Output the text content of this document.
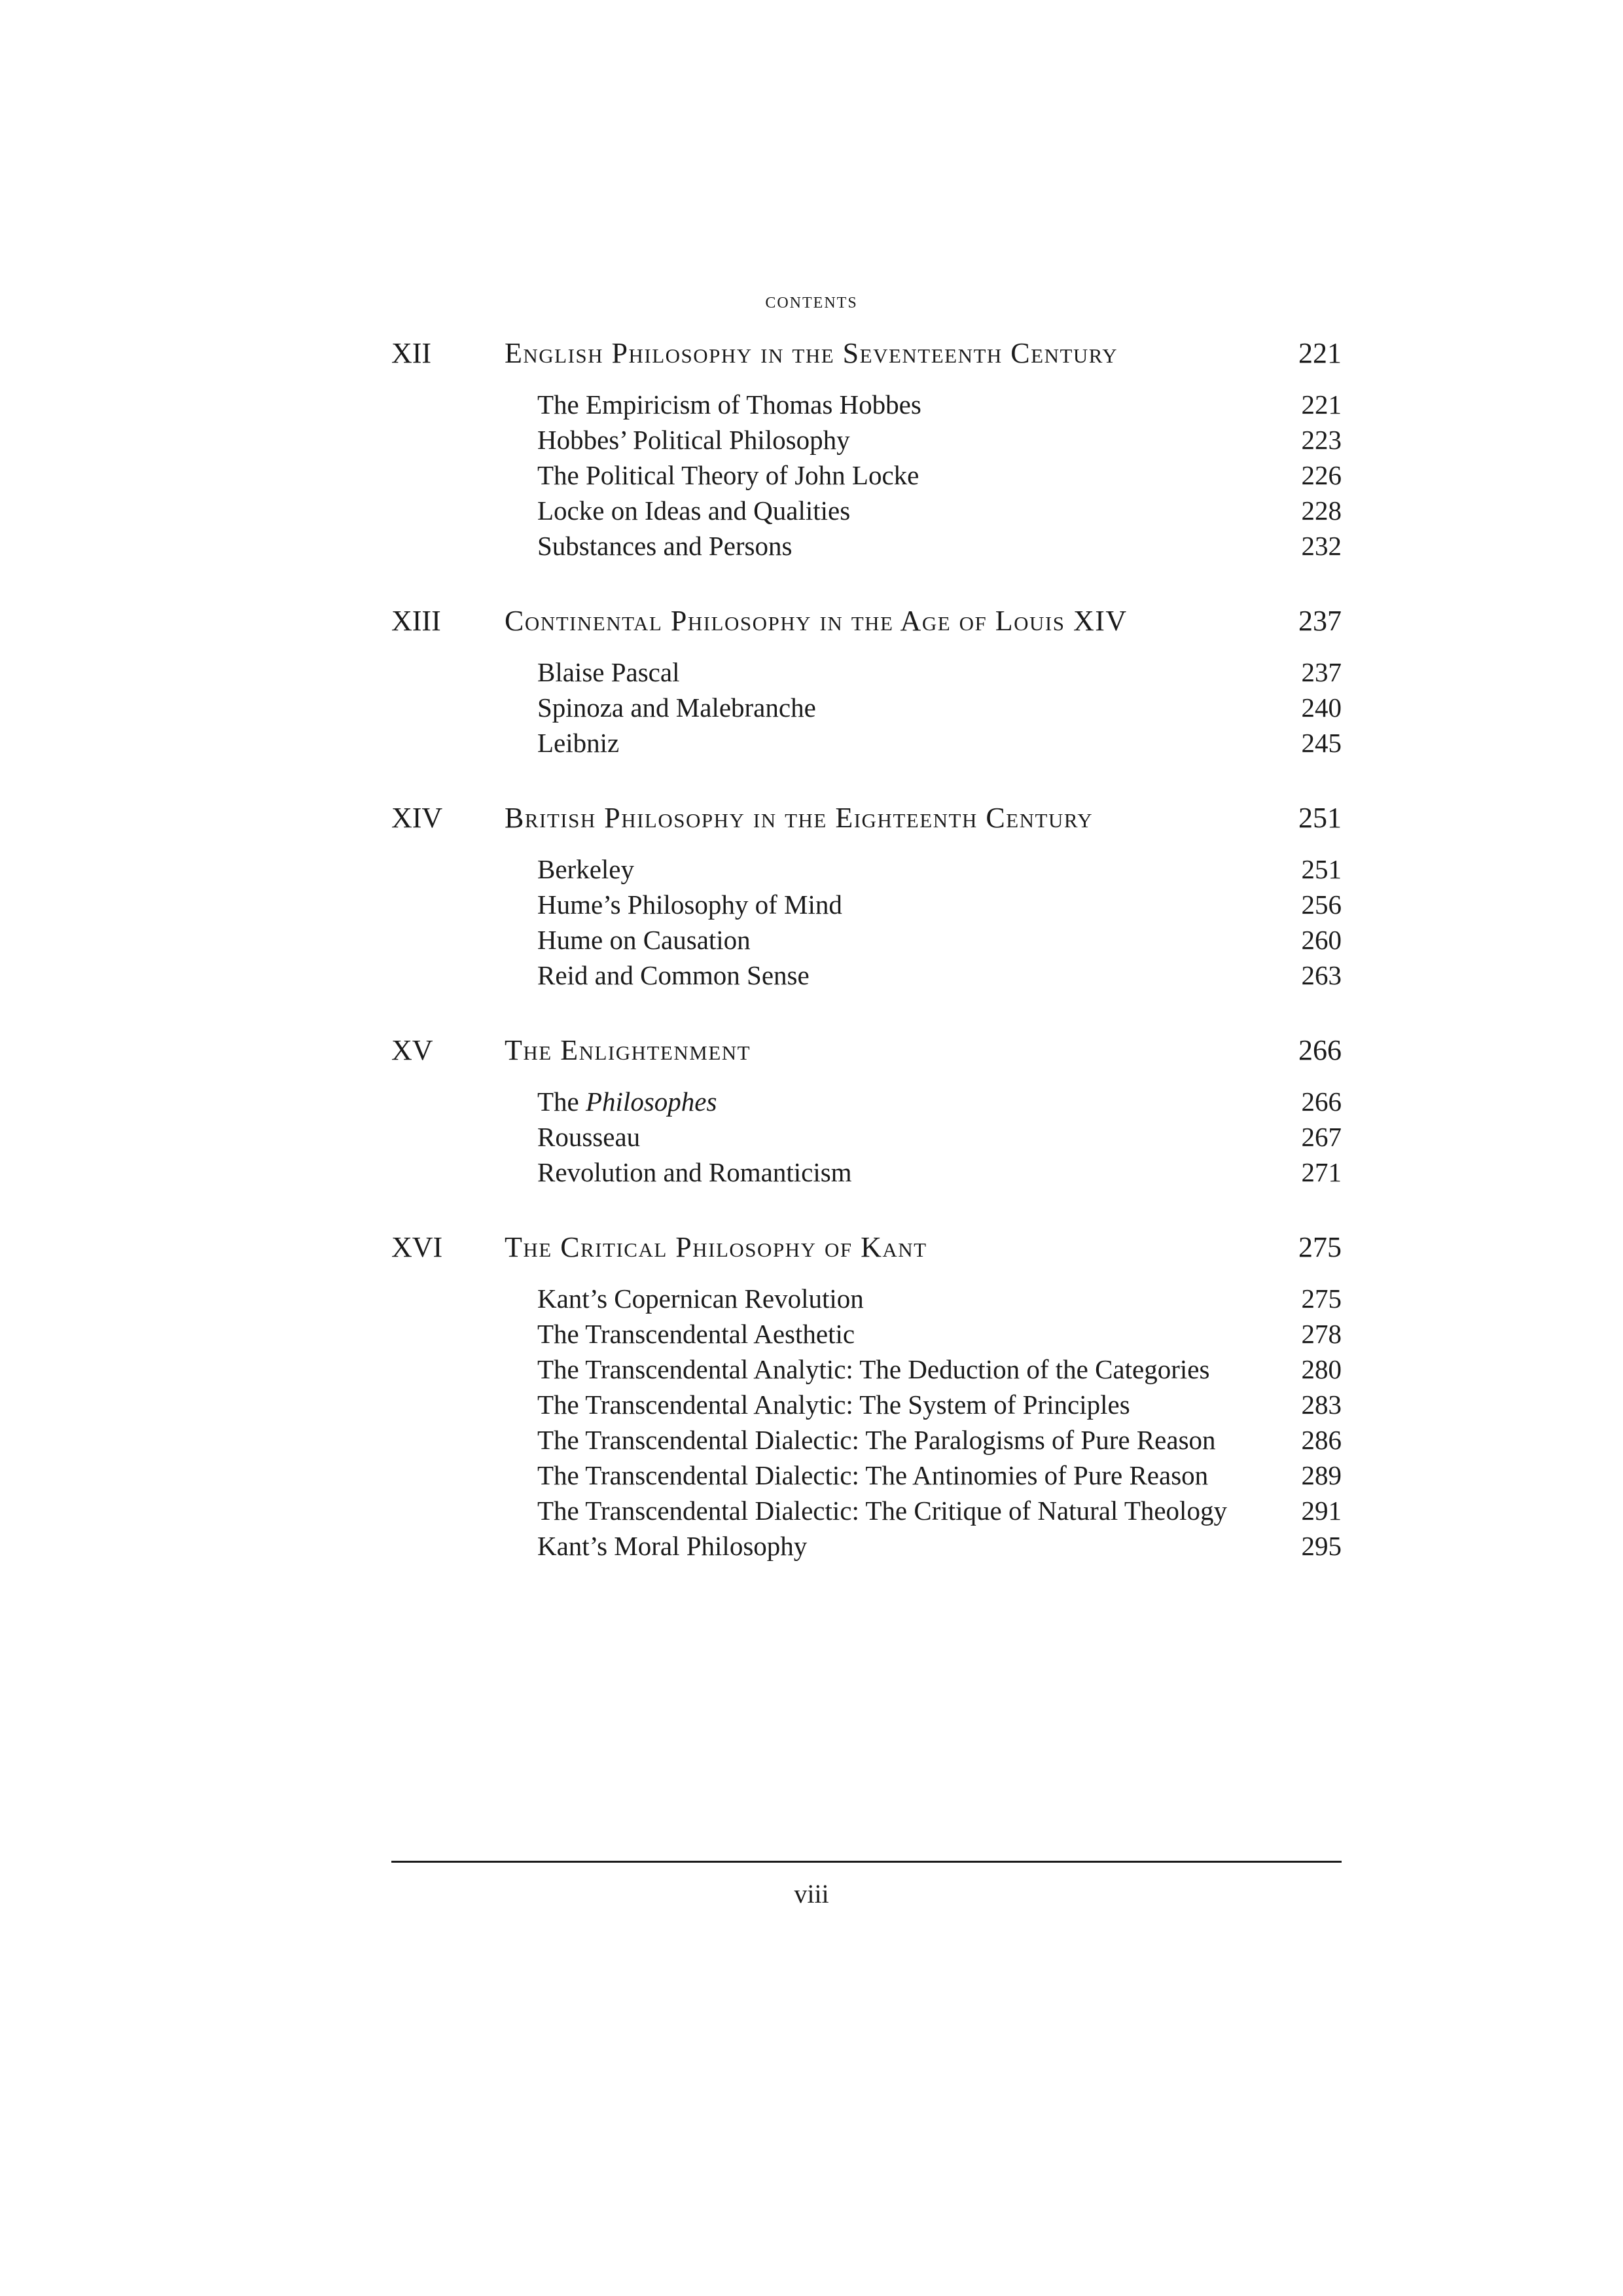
contents
XII	English Philosophy in the Seventeenth Century	221
The Empiricism of Thomas Hobbes	221
Hobbes’ Political Philosophy	223
The Political Theory of John Locke	226
Locke on Ideas and Qualities	228
Substances and Persons	232
XIII Continental Philosophy in the Age of Louis XIV	237
Blaise Pascal	237
Spinoza and Malebranche	240
Leibniz	245
XIV British Philosophy in the Eighteenth Century	251
Berkeley	251
Hume’s Philosophy of Mind	256
Hume on Causation	260
Reid and Common Sense	263
XV The Enlightenment	266
The Philosophes	266
Rousseau	267
Revolution and Romanticism	271
XVI The Critical Philosophy of Kant	275
Kant’s Copernican Revolution	275
The Transcendental Aesthetic	278
The Transcendental Analytic: The Deduction of the Categories	280
The Transcendental Analytic: The System of Principles	283
The Transcendental Dialectic: The Paralogisms of Pure Reason	286
The Transcendental Dialectic: The Antinomies of Pure Reason	289
The Transcendental Dialectic: The Critique of Natural Theology	291
Kant’s Moral Philosophy	295
viii
